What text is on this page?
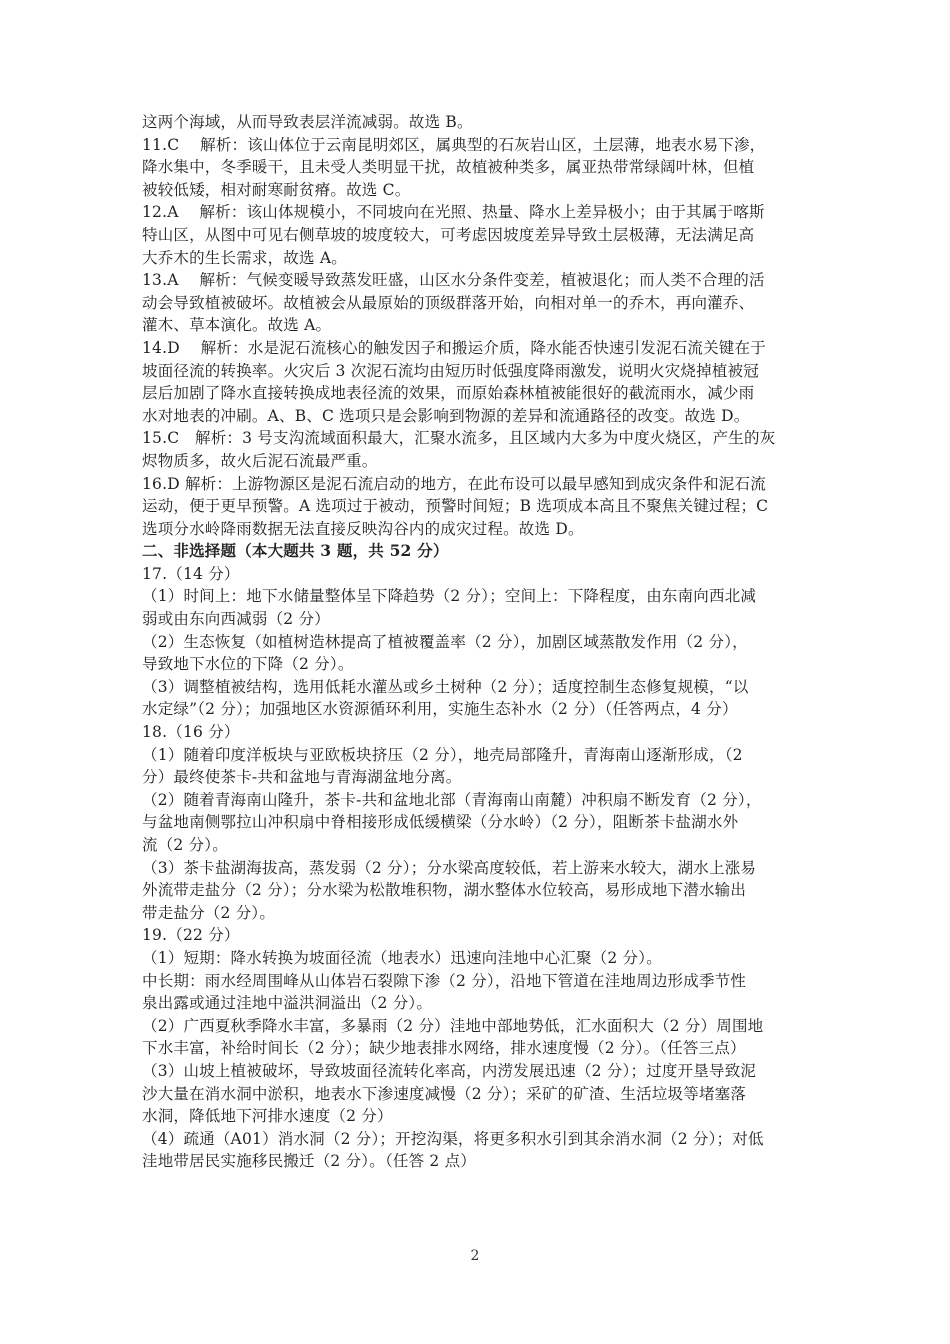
这两个海域，从而导致表层洋流减弱。故选 B。
11.C　 解析：该山体位于云南昆明郊区，属典型的石灰岩山区，土层薄，地表水易下渗，
降水集中，冬季暖干，且未受人类明显干扰，故植被种类多，属亚热带常绿阔叶林，但植
被较低矮，相对耐寒耐贫瘠。故选 C。
12.A　 解析：该山体规模小，不同坡向在光照、热量、降水上差异极小；由于其属于喀斯
特山区，从图中可见右侧草坡的坡度较大，可考虑因坡度差异导致土层极薄，无法满足高
大乔木的生长需求，故选 A。
13.A　 解析：气候变暖导致蒸发旺盛，山区水分条件变差，植被退化；而人类不合理的活
动会导致植被破坏。故植被会从最原始的顶级群落开始，向相对单一的乔木，再向灌乔、
灌木、草本演化。故选 A。
14.D　 解析：水是泥石流核心的触发因子和搬运介质，降水能否快速引发泥石流关键在于
坡面径流的转换率。火灾后 3 次泥石流均由短历时低强度降雨激发，说明火灾烧掉植被冠
层后加剧了降水直接转换成地表径流的效果，而原始森林植被能很好的截流雨水，减少雨
水对地表的冲刷。A、B、C 选项只是会影响到物源的差异和流通路径的改变。故选 D。
15.C　解析：3 号支沟流域面积最大，汇聚水流多，且区域内大多为中度火烧区，产生的灰
烬物质多，故火后泥石流最严重。
16.D 解析：上游物源区是泥石流启动的地方，在此布设可以最早感知到成灾条件和泥石流
运动，便于更早预警。A 选项过于被动，预警时间短；B 选项成本高且不聚焦关键过程；C
选项分水岭降雨数据无法直接反映沟谷内的成灾过程。故选 D。
二、非选择题（本大题共 3 题，共 52 分）
17.（14 分）
（1）时间上：地下水储量整体呈下降趋势（2 分）；空间上：下降程度，由东南向西北减
弱或由东向西减弱（2 分）
（2）生态恢复（如植树造林提高了植被覆盖率（2 分），加剧区域蒸散发作用（2 分），
导致地下水位的下降（2 分）。
（3）调整植被结构，选用低耗水灌丛或乡土树种（2 分）；适度控制生态修复规模，“以
水定绿”（2 分）；加强地区水资源循环利用，实施生态补水（2 分）（任答两点，4 分）
18.（16 分）
（1）随着印度洋板块与亚欧板块挤压（2 分），地壳局部隆升，青海南山逐渐形成，（2
分）最终使茶卡-共和盆地与青海湖盆地分离。
（2）随着青海南山隆升，茶卡-共和盆地北部（青海南山南麓）冲积扇不断发育（2 分），
与盆地南侧鄂拉山冲积扇中脊相接形成低缓横梁（分水岭）（2 分），阻断茶卡盐湖水外
流（2 分）。
（3）茶卡盐湖海拔高，蒸发弱（2 分）；分水梁高度较低，若上游来水较大，湖水上涨易
外流带走盐分（2 分）；分水梁为松散堆积物，湖水整体水位较高，易形成地下潜水输出
带走盐分（2 分）。
19.（22 分）
（1）短期：降水转换为坡面径流（地表水）迅速向洼地中心汇聚（2 分）。
中长期：雨水经周围峰从山体岩石裂隙下渗（2 分），沿地下管道在洼地周边形成季节性
泉出露或通过洼地中溢洪洞溢出（2 分）。
（2）广西夏秋季降水丰富，多暴雨（2 分）洼地中部地势低，汇水面积大（2 分）周围地
下水丰富，补给时间长（2 分）；缺少地表排水网络，排水速度慢（2 分）。（任答三点）
（3）山坡上植被破坏，导致坡面径流转化率高，内涝发展迅速（2 分）；过度开垦导致泥
沙大量在消水洞中淤积，地表水下渗速度减慢（2 分）；采矿的矿渣、生活垃圾等堵塞落
水洞，降低地下河排水速度（2 分）
（4）疏通（A01）消水洞（2 分）；开挖沟渠，将更多积水引到其余消水洞（2 分）；对低
洼地带居民实施移民搬迁（2 分）。（任答 2 点）
2
